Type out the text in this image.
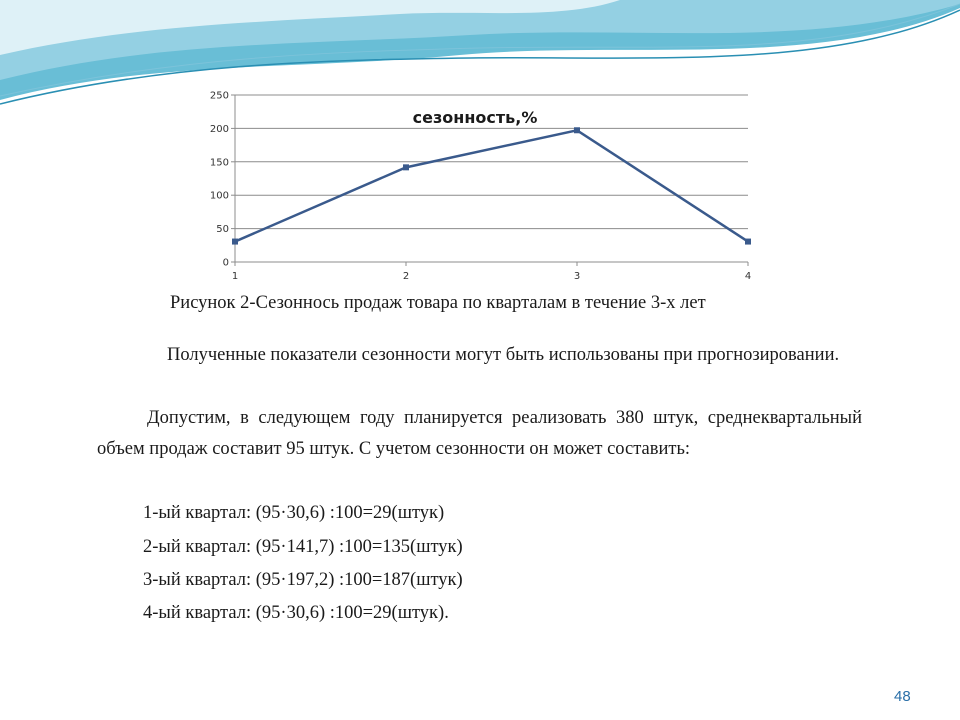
0
50
100
150
200
250
1	2	3	4
сезонность,%
Рисунок 2-Сезоннось продаж товара по кварталам в течение 3-х лет

Полученные показатели сезонности могут быть использованы при прогнозировании.

Допустим, в следующем году планируется реализовать 380 штук, среднеквартальный объем продаж составит 95 штук. С учетом сезонности он может составить:

1-ый квартал: (95·30,6) :100=29(штук)
2-ый квартал: (95·141,7) :100=135(штук)
3-ый квартал: (95·197,2) :100=187(штук)
4-ый квартал: (95·30,6) :100=29(штук).
48
